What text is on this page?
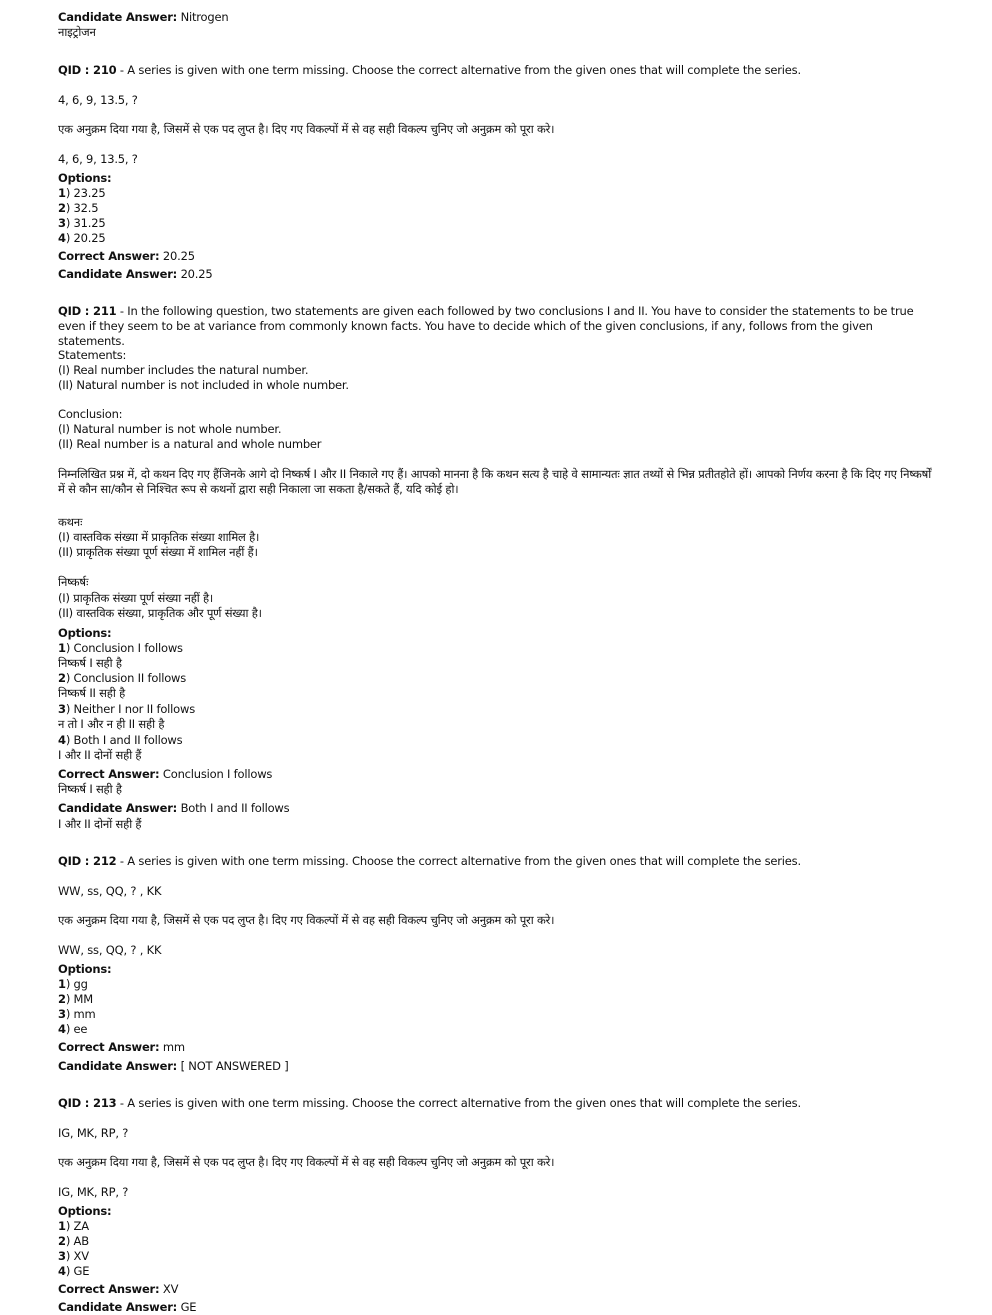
Candidate Answer: Nitrogen
नाइट्रोजन
QID : 210 - A series is given with one term missing. Choose the correct alternative from the given ones that will complete the series.
4, 6, 9, 13.5, ?
एक अनुक्रम दिया गया है, जिसमें से एक पद लुप्त है। दिए गए विकल्पों में से वह सही विकल्प चुनिए जो अनुक्रम को पूरा करे।
4, 6, 9, 13.5, ?
Options:
1) 23.25
2) 32.5
3) 31.25
4) 20.25
Correct Answer: 20.25
Candidate Answer: 20.25
QID : 211 - In the following question, two statements are given each followed by two conclusions I and II. You have to consider the statements to be true even if they seem to be at variance from commonly known facts. You have to decide which of the given conclusions, if any, follows from the given statements.
Statements:
(I) Real number includes the natural number.
(II) Natural number is not included in whole number.
Conclusion:
(I) Natural number is not whole number.
(II) Real number is a natural and whole number
निम्नलिखित प्रश्न में, दो कथन दिए गए हैंजिनके आगे दो निष्कर्ष I और II निकाले गए हैं। आपको मानना है कि कथन सत्य है चाहे वे सामान्यतः ज्ञात तथ्यों से भिन्न प्रतीतहोते हों। आपको निर्णय करना है कि दिए गए निष्कर्षों में से कौन सा/कौन से निश्चित रूप से कथनों द्वारा सही निकाला जा सकता है/सकते हैं, यदि कोई हो।
कथनः
(I) वास्तविक संख्या में प्राकृतिक संख्या शामिल है।
(II) प्राकृतिक संख्या पूर्ण संख्या में शामिल नहीं हैं।
निष्कर्षः
(I) प्राकृतिक संख्या पूर्ण संख्या नहीं है।
(II) वास्तविक संख्या, प्राकृतिक और पूर्ण संख्या है।
Options:
1) Conclusion I follows
निष्कर्ष I सही है
2) Conclusion II follows
निष्कर्ष II सही है
3) Neither I nor II follows
न तो I और न ही II सही है
4) Both I and II follows
I और II दोनों सही हैं
Correct Answer: Conclusion I follows
निष्कर्ष I सही है
Candidate Answer: Both I and II follows
I और II दोनों सही हैं
QID : 212 - A series is given with one term missing. Choose the correct alternative from the given ones that will complete the series.
WW, ss, QQ, ? , KK
एक अनुक्रम दिया गया है, जिसमें से एक पद लुप्त है। दिए गए विकल्पों में से वह सही विकल्प चुनिए जो अनुक्रम को पूरा करे।
WW, ss, QQ, ? , KK
Options:
1) gg
2) MM
3) mm
4) ee
Correct Answer: mm
Candidate Answer: [ NOT ANSWERED ]
QID : 213 - A series is given with one term missing. Choose the correct alternative from the given ones that will complete the series.
IG, MK, RP, ?
एक अनुक्रम दिया गया है, जिसमें से एक पद लुप्त है। दिए गए विकल्पों में से वह सही विकल्प चुनिए जो अनुक्रम को पूरा करे।
IG, MK, RP, ?
Options:
1) ZA
2) AB
3) XV
4) GE
Correct Answer: XV
Candidate Answer: GE
